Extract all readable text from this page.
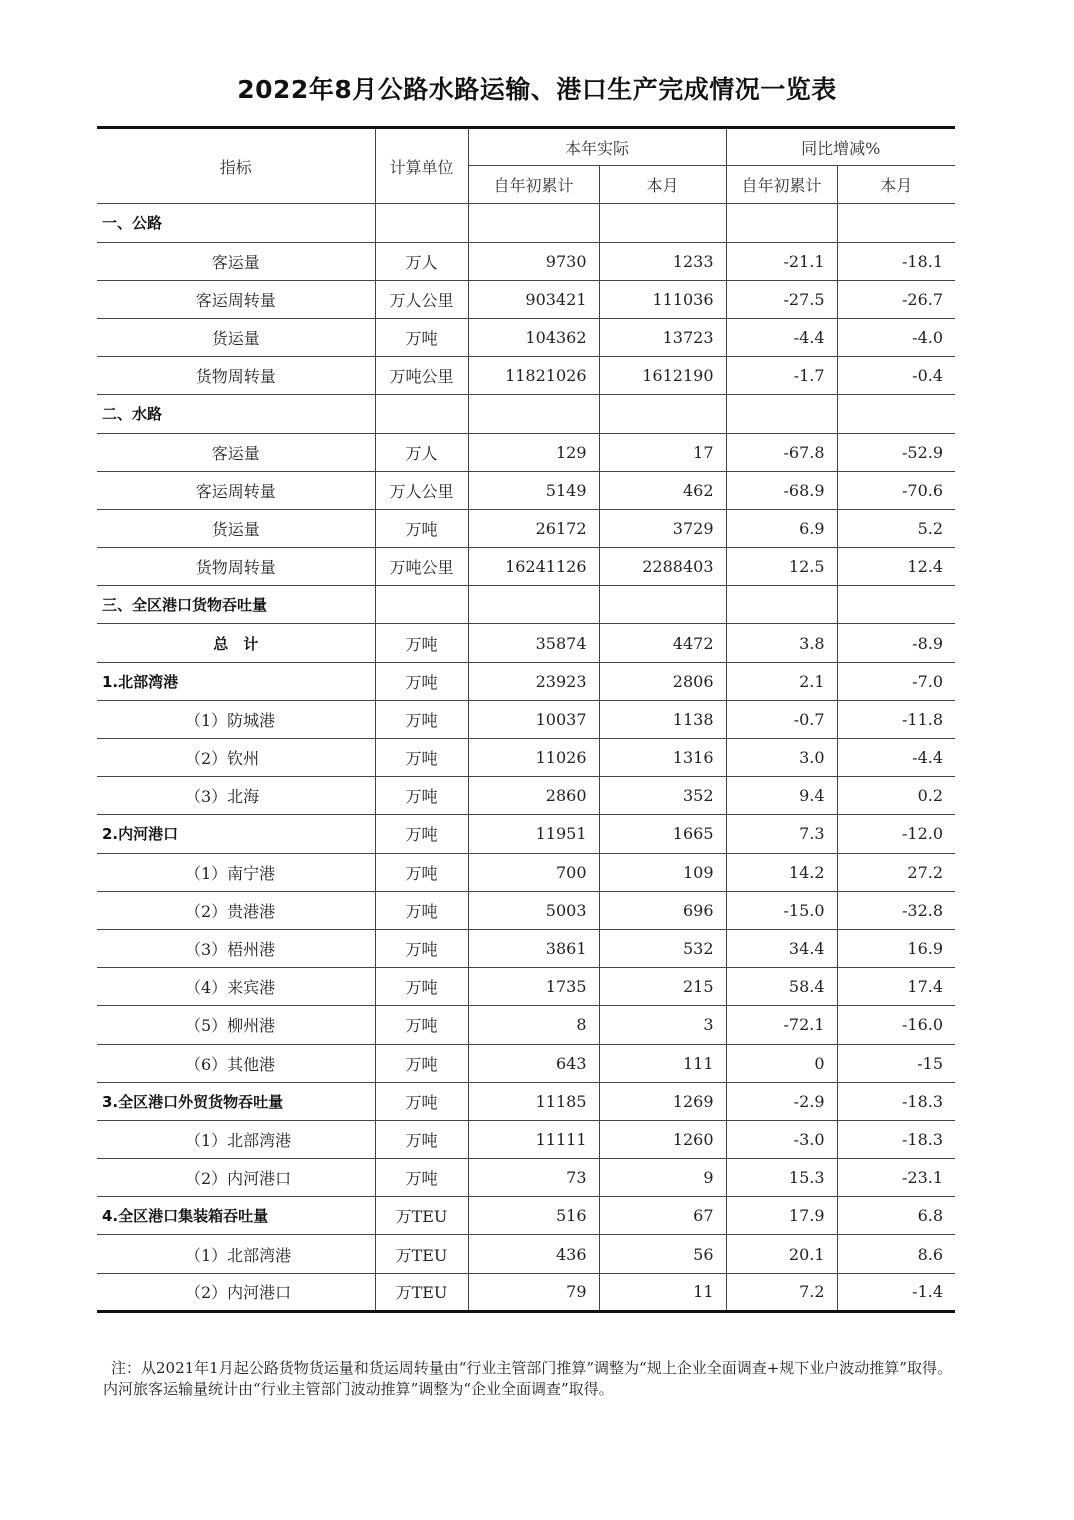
2022年8月公路水路运输、港口生产完成情况一览表
指标	计算单位	本年实际		同比增减%	
		自年初累计	本月	自年初累计	本月
一、公路					
客运量	万人	9730	1233	-21.1	-18.1
客运周转量	万人公里	903421	111036	-27.5	-26.7
货运量	万吨	104362	13723	-4.4	-4.0
货物周转量	万吨公里	11821026	1612190	-1.7	-0.4
二、水路					
客运量	万人	129	17	-67.8	-52.9
客运周转量	万人公里	5149	462	-68.9	-70.6
货运量	万吨	26172	3729	6.9	5.2
货物周转量	万吨公里	16241126	2288403	12.5	12.4
三、全区港口货物吞吐量					
总　计	万吨	35874	4472	3.8	-8.9
1.北部湾港	万吨	23923	2806	2.1	-7.0
（1）防城港	万吨	10037	1138	-0.7	-11.8
（2）钦州	万吨	11026	1316	3.0	-4.4
（3）北海	万吨	2860	352	9.4	0.2
2.内河港口	万吨	11951	1665	7.3	-12.0
（1）南宁港	万吨	700	109	14.2	27.2
（2）贵港港	万吨	5003	696	-15.0	-32.8
（3）梧州港	万吨	3861	532	34.4	16.9
（4）来宾港	万吨	1735	215	58.4	17.4
（5）柳州港	万吨	8	3	-72.1	-16.0
（6）其他港	万吨	643	111	0	-15
3.全区港口外贸货物吞吐量	万吨	11185	1269	-2.9	-18.3
（1）北部湾港	万吨	11111	1260	-3.0	-18.3
（2）内河港口	万吨	73	9	15.3	-23.1
4.全区港口集装箱吞吐量	万TEU	516	67	17.9	6.8
（1）北部湾港	万TEU	436	56	20.1	8.6
（2）内河港口	万TEU	79	11	7.2	-1.4
注：从2021年1月起公路货物货运量和货运周转量由“行业主管部门推算”调整为“规上企业全面调查+规下业户波动推算”取得。内河旅客运输量统计由“行业主管部门波动推算”调整为“企业全面调查”取得。
